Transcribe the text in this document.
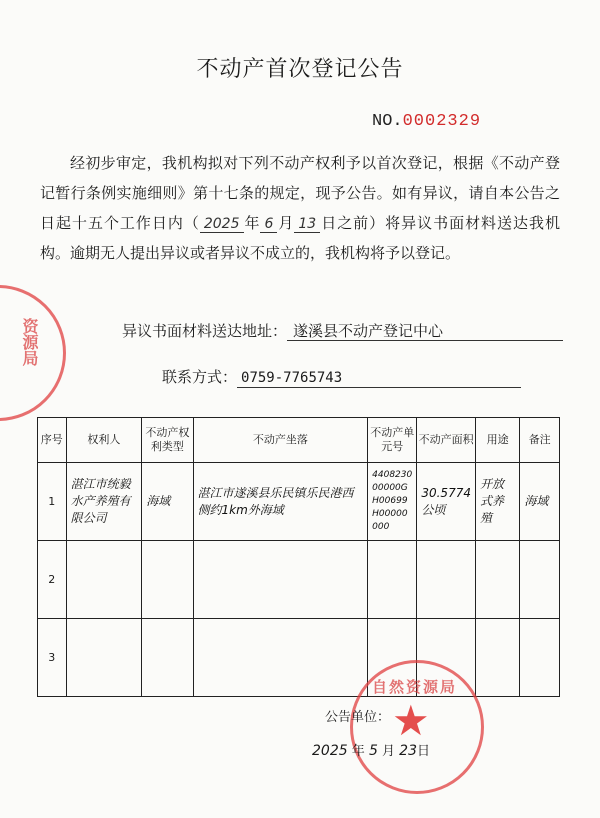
不动产首次登记公告
NO.0002329
经初步审定，我机构拟对下列不动产权利予以首次登记，根据《不动产登记暂行条例实施细则》第十七条的规定，现予公告。如有异议，请自本公告之日起十五个工作日内（ 2025 年 6 月 13 日之前）将异议书面材料送达我机构。逾期无人提出异议或者异议不成立的，我机构将予以登记。
异议书面材料送达地址： 遂溪县不动产登记中心
联系方式： 0759-7765743
序号	权利人	不动产权利类型	不动产坐落	不动产单元号	不动产面积	用途	备注
1	湛江市统毅水产养殖有限公司	海域	湛江市遂溪县乐民镇乐民港西侧约1km外海域	440823000000GH00699H00000000	30.5774公顷	开放式养殖	海域
2							
3							
资源局
★
自然资源局
公告单位：
2025 年 5 月 23日
